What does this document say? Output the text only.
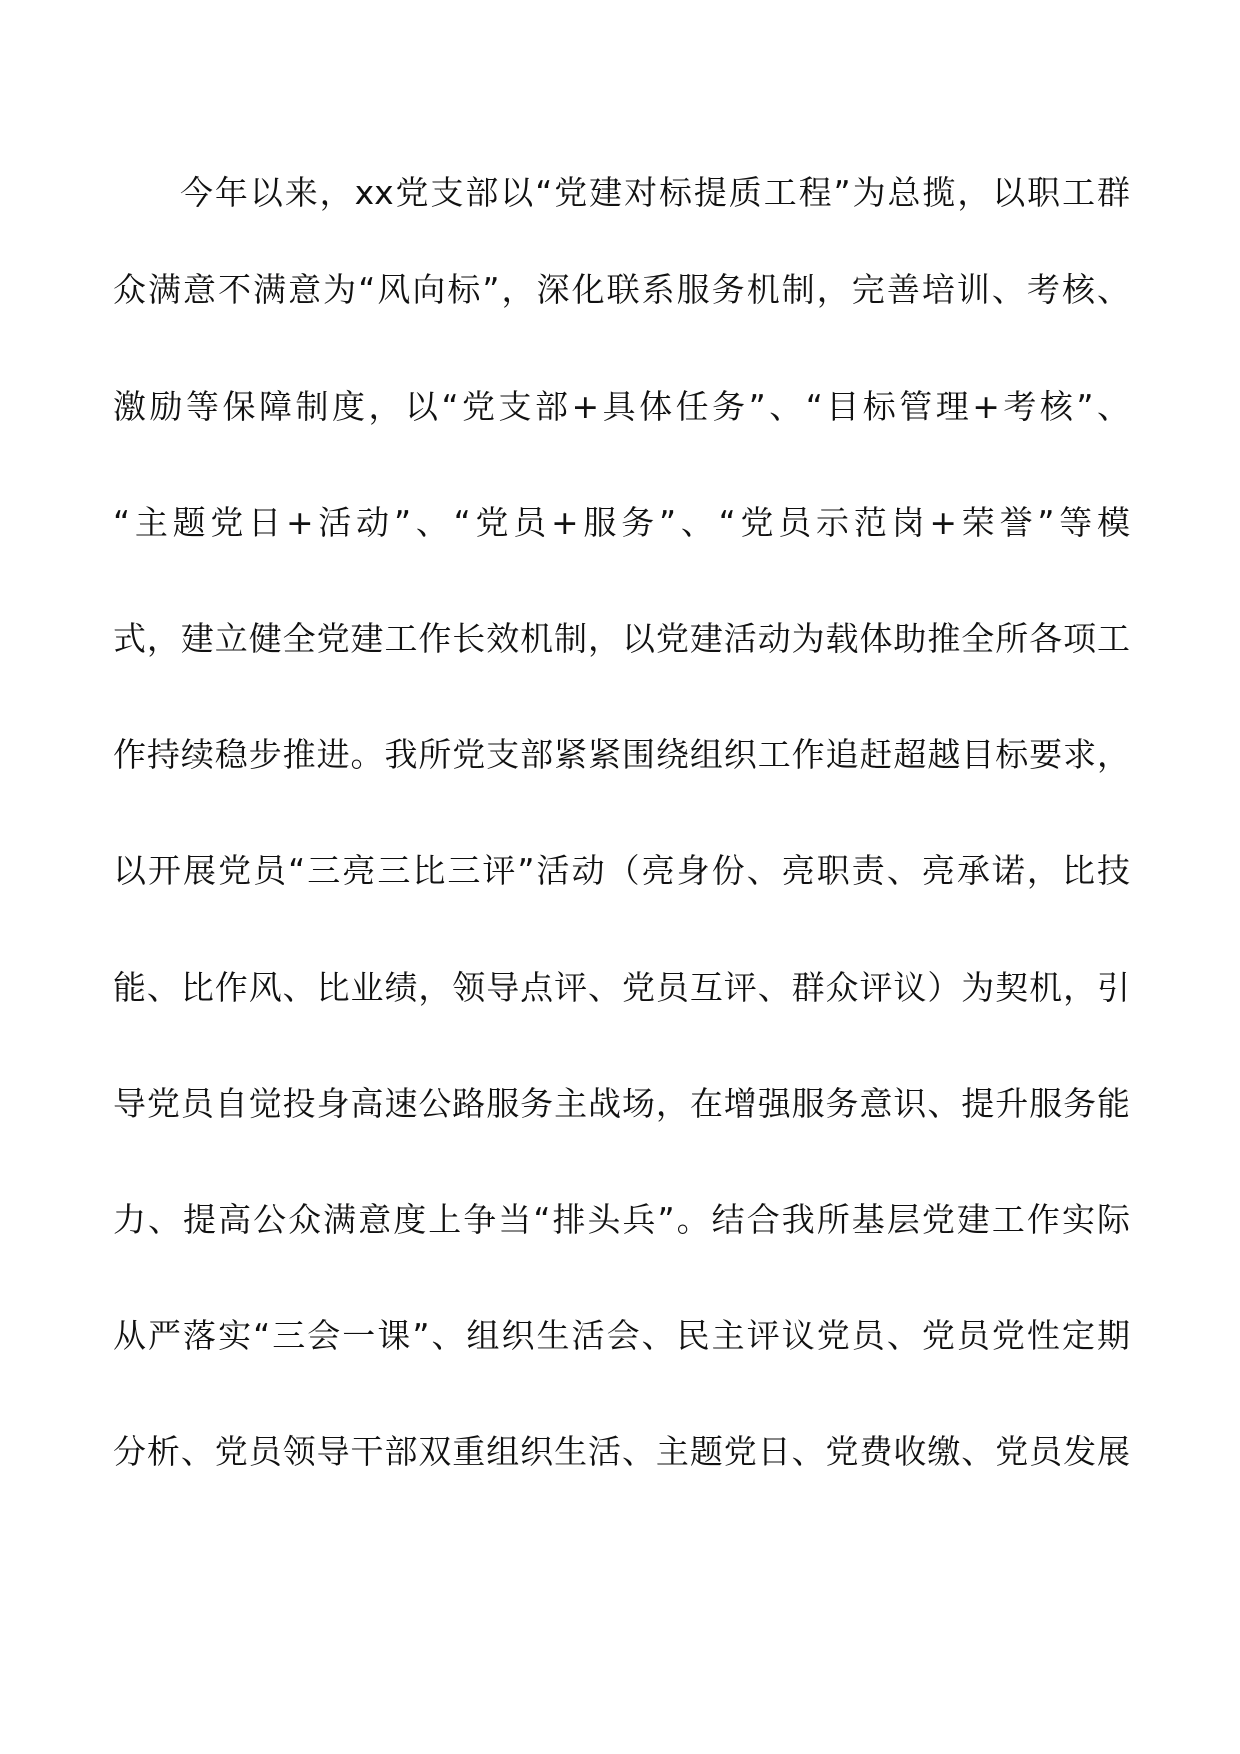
今年以来，xx党支部以“党建对标提质工程”为总揽，以职工群
众满意不满意为“风向标”，深化联系服务机制，完善培训、考核、
激励等保障制度，以“党支部+具体任务”、“目标管理+考核”、
“主题党日+活动”、“党员+服务”、“党员示范岗+荣誉”等模
式，建立健全党建工作长效机制，以党建活动为载体助推全所各项工
作持续稳步推进。我所党支部紧紧围绕组织工作追赶超越目标要求，
以开展党员“三亮三比三评”活动（亮身份、亮职责、亮承诺，比技
能、比作风、比业绩，领导点评、党员互评、群众评议）为契机，引
导党员自觉投身高速公路服务主战场，在增强服务意识、提升服务能
力、提高公众满意度上争当“排头兵”。结合我所基层党建工作实际
从严落实“三会一课”、组织生活会、民主评议党员、党员党性定期
分析、党员领导干部双重组织生活、主题党日、党费收缴、党员发展
